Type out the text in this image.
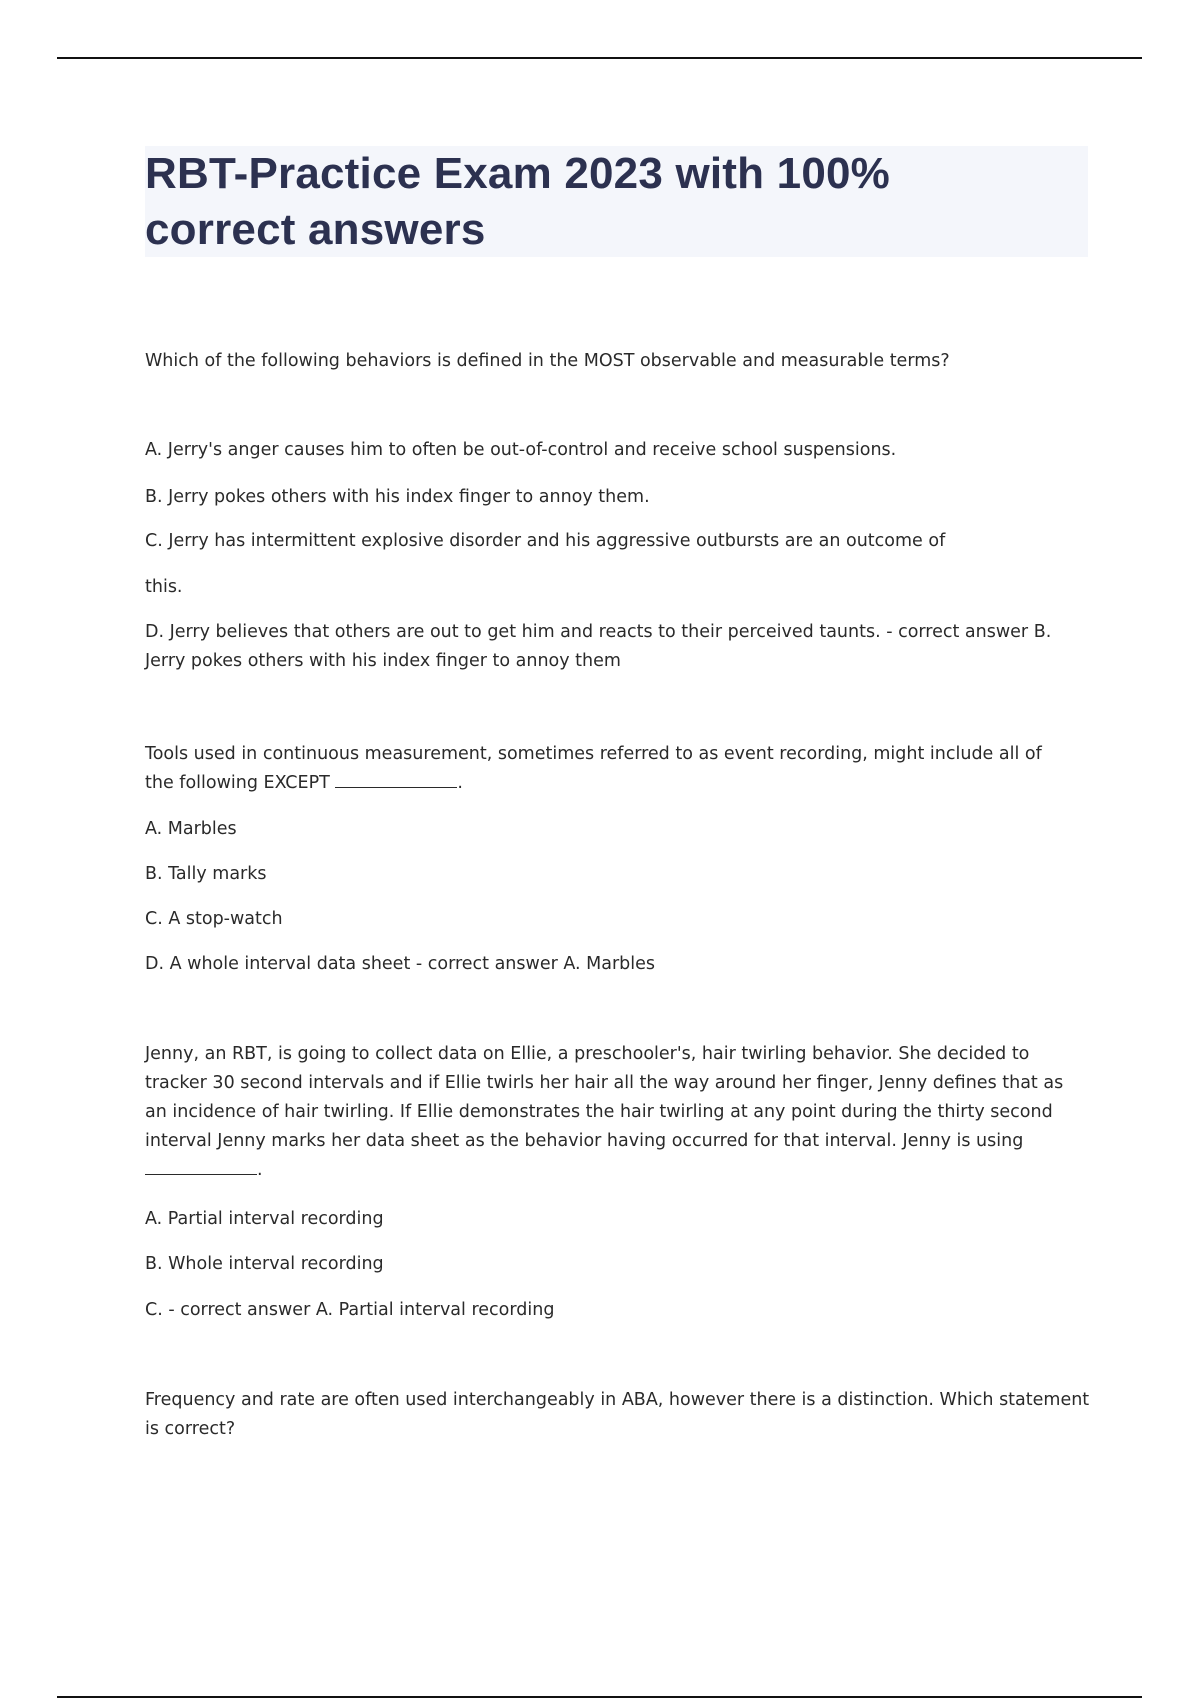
RBT-Practice Exam 2023 with 100% correct answers

Which of the following behaviors is defined in the MOST observable and measurable terms?

A. Jerry's anger causes him to often be out-of-control and receive school suspensions.

B. Jerry pokes others with his index finger to annoy them.

C. Jerry has intermittent explosive disorder and his aggressive outbursts are an outcome of

this.

D. Jerry believes that others are out to get him and reacts to their perceived taunts. - correct answer B. Jerry pokes others with his index finger to annoy them

Tools used in continuous measurement, sometimes referred to as event recording, might include all of

the following EXCEPT	.

A. Marbles

B. Tally marks

C. A stop-watch

D. A whole interval data sheet - correct answer A. Marbles

Jenny, an RBT, is going to collect data on Ellie, a preschooler's, hair twirling behavior. She decided to tracker 30 second intervals and if Ellie twirls her hair all the way around her finger, Jenny defines that as an incidence of hair twirling. If Ellie demonstrates the hair twirling at any point during the thirty second interval Jenny marks her data sheet as the behavior having occurred for that interval. Jenny is using .

A. Partial interval recording

B. Whole interval recording

C. - correct answer A. Partial interval recording

Frequency and rate are often used interchangeably in ABA, however there is a distinction. Which statement is correct?
